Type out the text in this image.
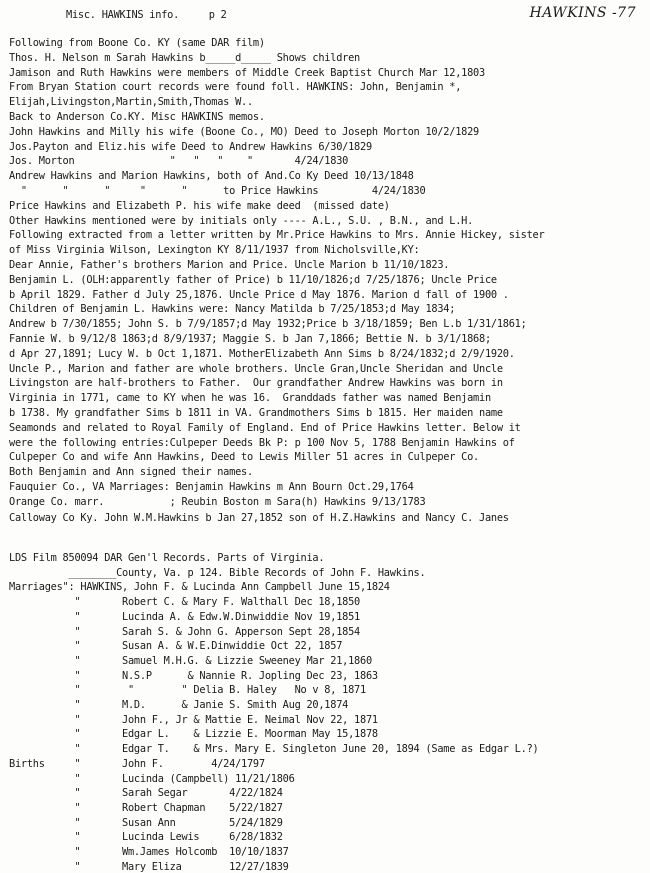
Misc. HAWKINS info.     p 2	HAWKINS -77
Following from Boone Co. KY (same DAR film)
Thos. H. Nelson m Sarah Hawkins b_____d_____ Shows children
Jamison and Ruth Hawkins were members of Middle Creek Baptist Church Mar 12,1803
From Bryan Station court records were found foll. HAWKINS: John, Benjamin *,
Elijah,Livingston,Martin,Smith,Thomas W..
Back to Anderson Co.KY. Misc HAWKINS memos.
John Hawkins and Milly his wife (Boone Co., MO) Deed to Joseph Morton 10/2/1829
Jos.Payton and Eliz.his wife Deed to Andrew Hawkins 6/30/1829
Jos. Morton                "   "   "    "       4/24/1830
Andrew Hawkins and Marion Hawkins, both of And.Co Ky Deed 10/13/1848
"      "      "     "      "      to Price Hawkins         4/24/1830
Price Hawkins and Elizabeth P. his wife make deed  (missed date)
Other Hawkins mentioned were by initials only ---- A.L., S.U. , B.N., and L.H.
Following extracted from a letter written by Mr.Price Hawkins to Mrs. Annie Hickey, sister
of Miss Virginia Wilson, Lexington KY 8/11/1937 from Nicholsville,KY:
Dear Annie, Father's brothers Marion and Price. Uncle Marion b 11/10/1823.
Benjamin L. (OLH:apparently father of Price) b 11/10/1826;d 7/25/1876; Uncle Price
b April 1829. Father d July 25,1876. Uncle Price d May 1876. Marion d fall of 1900 .
Children of Benjamin L. Hawkins were: Nancy Matilda b 7/25/1853;d May 1834;
Andrew b 7/30/1855; John S. b 7/9/1857;d May 1932;Price b 3/18/1859; Ben L.b 1/31/1861;
Fannie W. b 9/12/8 1863;d 8/9/1937; Maggie S. b Jan 7,1866; Bettie N. b 3/1/1868;
d Apr 27,1891; Lucy W. b Oct 1,1871. MotherElizabeth Ann Sims b 8/24/1832;d 2/9/1920.
Uncle P., Marion and father are whole brothers. Uncle Gran,Uncle Sheridan and Uncle
Livingston are half-brothers to Father.  Our grandfather Andrew Hawkins was born in
Virginia in 1771, came to KY when he was 16.  Granddads father was named Benjamin
b 1738. My grandfather Sims b 1811 in VA. Grandmothers Sims b 1815. Her maiden name
Seamonds and related to Royal Family of England. End of Price Hawkins letter. Below it
were the following entries:Culpeper Deeds Bk P: p 100 Nov 5, 1788 Benjamin Hawkins of
Culpeper Co and wife Ann Hawkins, Deed to Lewis Miller 51 acres in Culpeper Co.
Both Benjamin and Ann signed their names.
Fauquier Co., VA Marriages: Benjamin Hawkins m Ann Bourn Oct.29,1764
Orange Co. marr.           ; Reubin Boston m Sara(h) Hawkins 9/13/1783
Calloway Co Ky. John W.M.Hawkins b Jan 27,1852 son of H.Z.Hawkins and Nancy C. Janes
LDS Film 850094 DAR Gen'l Records. Parts of Virginia.
________County, Va. p 124. Bible Records of John F. Hawkins.
Marriages": HAWKINS, John F. & Lucinda Ann Campbell June 15,1824
"       Robert C. & Mary F. Walthall Dec 18,1850
"       Lucinda A. & Edw.W.Dinwiddie Nov 19,1851
"       Sarah S. & John G. Apperson Sept 28,1854
"       Susan A. & W.E.Dinwiddie Oct 22, 1857
"       Samuel M.H.G. & Lizzie Sweeney Mar 21,1860
"       N.S.P      & Nannie R. Jopling Dec 23, 1863
"        "        " Delia B. Haley   No v 8, 1871
"       M.D.      & Janie S. Smith Aug 20,1874
"       John F., Jr & Mattie E. Neimal Nov 22, 1871
"       Edgar L.    & Lizzie E. Moorman May 15,1878
"       Edgar T.    & Mrs. Mary E. Singleton June 20, 1894 (Same as Edgar L.?)
Births     "       John F.        4/24/1797
"       Lucinda (Campbell) 11/21/1806
"       Sarah Segar       4/22/1824
"       Robert Chapman    5/22/1827
"       Susan Ann         5/24/1829
"       Lucinda Lewis     6/28/1832
"       Wm.James Holcomb  10/10/1837
"       Mary Eliza        12/27/1839
